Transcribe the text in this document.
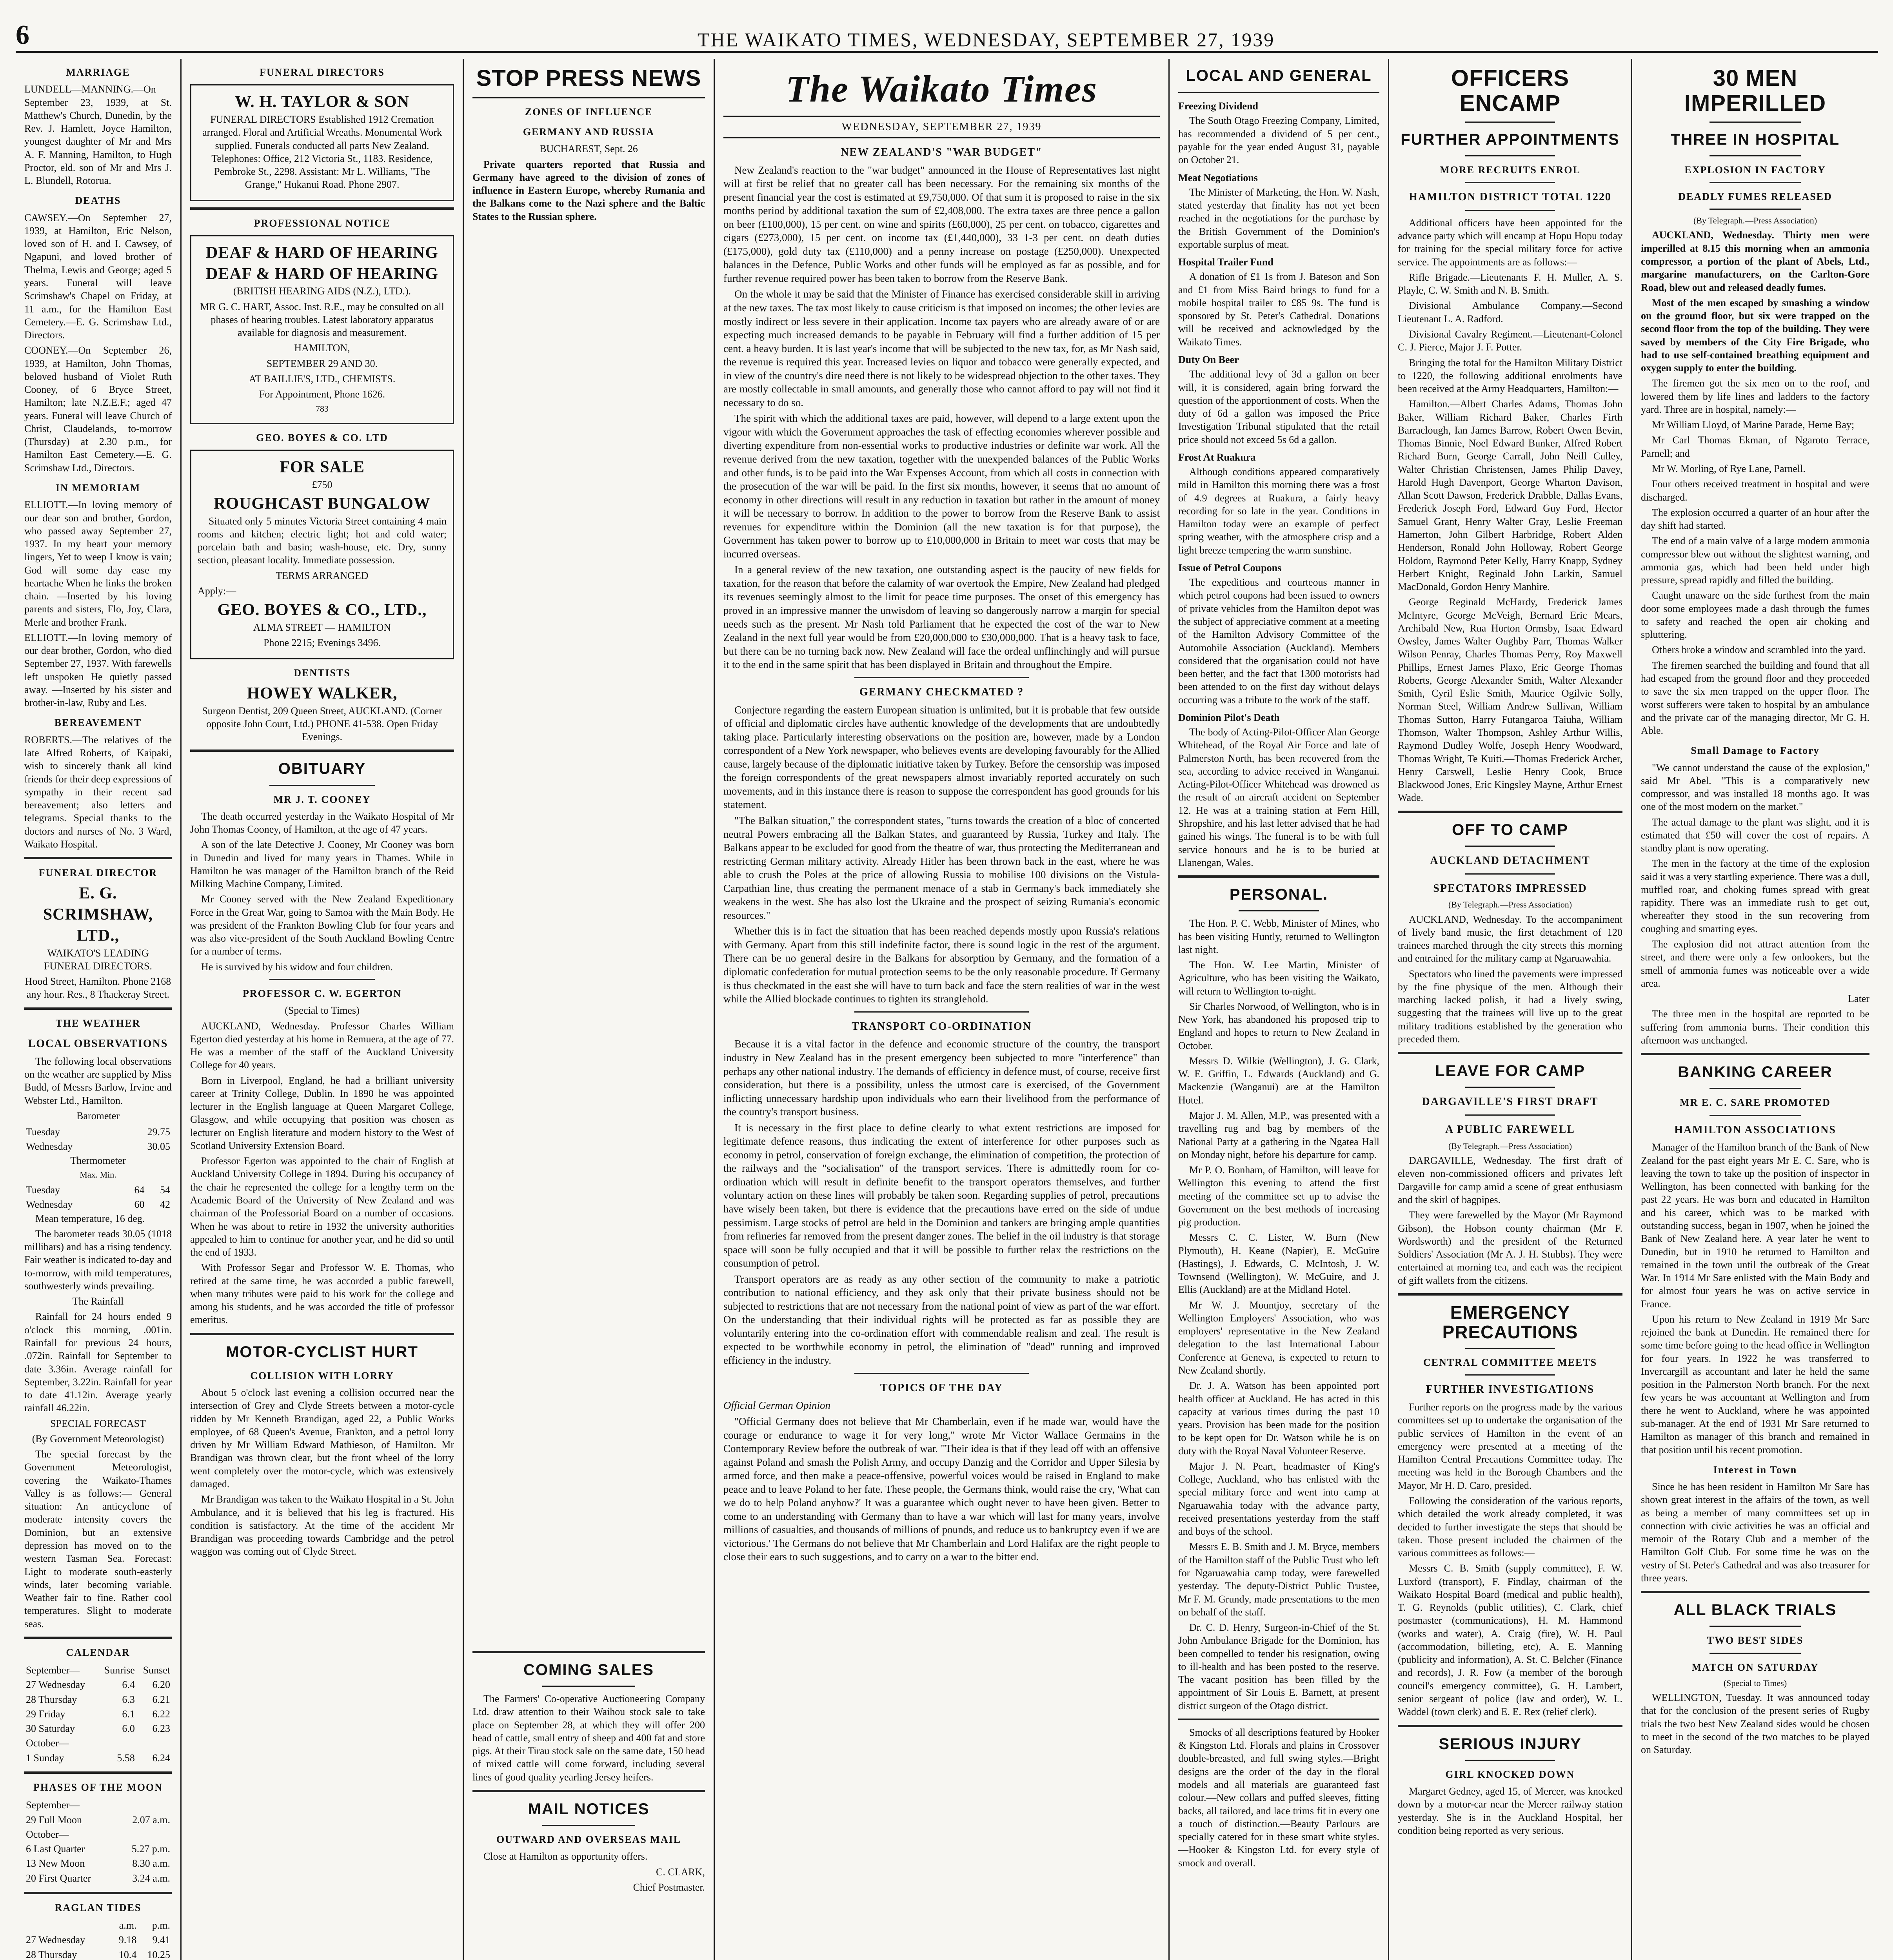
6	THE WAIKATO TIMES, WEDNESDAY, SEPTEMBER 27, 1939
MARRIAGE

LUNDELL—MANNING.—On September 23, 1939, at St. Matthew's Church, Dunedin, by the Rev. J. Hamlett, Joyce Hamilton, youngest daughter of Mr and Mrs A. F. Manning, Hamilton, to Hugh Proctor, eld. son of Mr and Mrs J. L. Blundell, Rotorua.

DEATHS

CAWSEY.—On September 27, 1939, at Hamilton, Eric Nelson, loved son of H. and I. Cawsey, of Ngapuni, and loved brother of Thelma, Lewis and George; aged 5 years. Funeral will leave Scrimshaw's Chapel on Friday, at 11 a.m., for the Hamilton East Cemetery.—E. G. Scrimshaw Ltd., Directors.

COONEY.—On September 26, 1939, at Hamilton, John Thomas, beloved husband of Violet Ruth Cooney, of 6 Bryce Street, Hamilton; late N.Z.E.F.; aged 47 years. Funeral will leave Church of Christ, Claudelands, to-morrow (Thursday) at 2.30 p.m., for Hamilton East Cemetery.—E. G. Scrimshaw Ltd., Directors.

IN MEMORIAM

ELLIOTT.—In loving memory of our dear son and brother, Gordon, who passed away September 27, 1937. In my heart your memory lingers, Yet to weep I know is vain; God will some day ease my heartache When he links the broken chain. —Inserted by his loving parents and sisters, Flo, Joy, Clara, Merle and brother Frank.

ELLIOTT.—In loving memory of our dear brother, Gordon, who died September 27, 1937. With farewells left unspoken He quietly passed away. —Inserted by his sister and brother-in-law, Ruby and Les.

BEREAVEMENT

ROBERTS.—The relatives of the late Alfred Roberts, of Kaipaki, wish to sincerely thank all kind friends for their deep expressions of sympathy in their recent sad bereavement; also letters and telegrams. Special thanks to the doctors and nurses of No. 3 Ward, Waikato Hospital.

FUNERAL DIRECTOR
E. G. SCRIMSHAW, LTD.,

WAIKATO'S LEADING FUNERAL DIRECTORS.

Hood Street, Hamilton. Phone 2168 any hour. Res., 8 Thackeray Street.

THE WEATHER
LOCAL OBSERVATIONS

The following local observations on the weather are supplied by Miss Budd, of Messrs Barlow, Irvine and Webster Ltd., Hamilton.

Barometer

Tuesday	29.75
Wednesday	30.05

Thermometer

Max. Min.

Tuesday	64	54
Wednesday	60	42

Mean temperature, 16 deg.

The barometer reads 30.05 (1018 millibars) and has a rising tendency. Fair weather is indicated to-day and to-morrow, with mild temperatures, southwesterly winds prevailing.

The Rainfall

Rainfall for 24 hours ended 9 o'clock this morning, .001in. Rainfall for previous 24 hours, .072in. Rainfall for September to date 3.36in. Average rainfall for September, 3.22in. Rainfall for year to date 41.12in. Average yearly rainfall 46.22in.

SPECIAL FORECAST

(By Government Meteorologist)

The special forecast by the Government Meteorologist, covering the Waikato-Thames Valley is as follows:— General situation: An anticyclone of moderate intensity covers the Dominion, but an extensive depression has moved on to the western Tasman Sea. Forecast: Light to moderate south-easterly winds, later becoming variable. Weather fair to fine. Rather cool temperatures. Slight to moderate seas.

CALENDAR
September—	Sunrise	Sunset
27 Wednesday	6.4	6.20
28 Thursday	6.3	6.21
29 Friday	6.1	6.22
30 Saturday	6.0	6.23
October—		
1 Sunday	5.58	6.24
PHASES OF THE MOON
September—	
29 Full Moon	2.07 a.m.
October—	
6 Last Quarter	5.27 p.m.
13 New Moon	8.30 a.m.
20 First Quarter	3.24 a.m.
RAGLAN TIDES
	a.m.	p.m.
27 Wednesday	9.18	9.41
28 Thursday	10.4	10.25

FUNERAL DIRECTORS
W. H. TAYLOR & SON

FUNERAL DIRECTORS Established 1912 Cremation arranged. Floral and Artificial Wreaths. Monumental Work supplied. Funerals conducted all parts New Zealand. Telephones: Office, 212 Victoria St., 1183. Residence, Pembroke St., 2298. Assistant: Mr L. Williams, "The Grange," Hukanui Road. Phone 2907.

PROFESSIONAL NOTICE
DEAF & HARD OF HEARING
DEAF & HARD OF HEARING

(BRITISH HEARING AIDS (N.Z.), LTD.).

MR G. C. HART, Assoc. Inst. R.E., may be consulted on all phases of hearing troubles. Latest laboratory apparatus available for diagnosis and measurement.

HAMILTON,

SEPTEMBER 29 AND 30.

AT BAILLIE'S, LTD., CHEMISTS.

For Appointment, Phone 1626.

783

GEO. BOYES & CO. LTD
FOR SALE

£750

ROUGHCAST BUNGALOW

Situated only 5 minutes Victoria Street containing 4 main rooms and kitchen; electric light; hot and cold water; porcelain bath and basin; wash-house, etc. Dry, sunny section, pleasant locality. Immediate possession.

TERMS ARRANGED

Apply:—

GEO. BOYES & CO., LTD.,

ALMA STREET — HAMILTON

Phone 2215; Evenings 3496.

DENTISTS
HOWEY WALKER,

Surgeon Dentist, 209 Queen Street, AUCKLAND. (Corner opposite John Court, Ltd.) PHONE 41-538. Open Friday Evenings.

OBITUARY
MR J. T. COONEY

The death occurred yesterday in the Waikato Hospital of Mr John Thomas Cooney, of Hamilton, at the age of 47 years.

A son of the late Detective J. Cooney, Mr Cooney was born in Dunedin and lived for many years in Thames. While in Hamilton he was manager of the Hamilton branch of the Reid Milking Machine Company, Limited.

Mr Cooney served with the New Zealand Expeditionary Force in the Great War, going to Samoa with the Main Body. He was president of the Frankton Bowling Club for four years and was also vice-president of the South Auckland Bowling Centre for a number of terms.

He is survived by his widow and four children.

PROFESSOR C. W. EGERTON

(Special to Times)

AUCKLAND, Wednesday. Professor Charles William Egerton died yesterday at his home in Remuera, at the age of 77. He was a member of the staff of the Auckland University College for 40 years.

Born in Liverpool, England, he had a brilliant university career at Trinity College, Dublin. In 1890 he was appointed lecturer in the English language at Queen Margaret College, Glasgow, and while occupying that position was chosen as lecturer on English literature and modern history to the West of Scotland University Extension Board.

Professor Egerton was appointed to the chair of English at Auckland University College in 1894. During his occupancy of the chair he represented the college for a lengthy term on the Academic Board of the University of New Zealand and was chairman of the Professorial Board on a number of occasions. When he was about to retire in 1932 the university authorities appealed to him to continue for another year, and he did so until the end of 1933.

With Professor Segar and Professor W. E. Thomas, who retired at the same time, he was accorded a public farewell, when many tributes were paid to his work for the college and among his students, and he was accorded the title of professor emeritus.

MOTOR-CYCLIST HURT
COLLISION WITH LORRY

About 5 o'clock last evening a collision occurred near the intersection of Grey and Clyde Streets between a motor-cycle ridden by Mr Kenneth Brandigan, aged 22, a Public Works employee, of 68 Queen's Avenue, Frankton, and a petrol lorry driven by Mr William Edward Mathieson, of Hamilton. Mr Brandigan was thrown clear, but the front wheel of the lorry went completely over the motor-cycle, which was extensively damaged.

Mr Brandigan was taken to the Waikato Hospital in a St. John Ambulance, and it is believed that his leg is fractured. His condition is satisfactory. At the time of the accident Mr Brandigan was proceeding towards Cambridge and the petrol waggon was coming out of Clyde Street.

STOP PRESS NEWS
ZONES OF INFLUENCE
GERMANY AND RUSSIA

BUCHAREST, Sept. 26

Private quarters reported that Russia and Germany have agreed to the division of zones of influence in Eastern Europe, whereby Rumania and the Balkans come to the Nazi sphere and the Baltic States to the Russian sphere.

COMING SALES

The Farmers' Co-operative Auctioneering Company Ltd. draw attention to their Waihou stock sale to take place on September 28, at which they will offer 200 head of cattle, small entry of sheep and 400 fat and store pigs. At their Tirau stock sale on the same date, 150 head of mixed cattle will come forward, including several lines of good quality yearling Jersey heifers.

MAIL NOTICES
OUTWARD AND OVERSEAS MAIL

Close at Hamilton as opportunity offers.

C. CLARK,

Chief Postmaster.

The Waikato Times
WEDNESDAY, SEPTEMBER 27, 1939
NEW ZEALAND'S "WAR BUDGET"

New Zealand's reaction to the "war budget" announced in the House of Representatives last night will at first be relief that no greater call has been necessary. For the remaining six months of the present financial year the cost is estimated at £9,750,000. Of that sum it is proposed to raise in the six months period by additional taxation the sum of £2,408,000. The extra taxes are three pence a gallon on beer (£100,000), 15 per cent. on wine and spirits (£60,000), 25 per cent. on tobacco, cigarettes and cigars (£273,000), 15 per cent. on income tax (£1,440,000), 33 1-3 per cent. on death duties (£175,000), gold duty tax (£110,000) and a penny increase on postage (£250,000). Unexpected balances in the Defence, Public Works and other funds will be employed as far as possible, and for further revenue required power has been taken to borrow from the Reserve Bank.

On the whole it may be said that the Minister of Finance has exercised considerable skill in arriving at the new taxes. The tax most likely to cause criticism is that imposed on incomes; the other levies are mostly indirect or less severe in their application. Income tax payers who are already aware of or are expecting much increased demands to be payable in February will find a further addition of 15 per cent. a heavy burden. It is last year's income that will be subjected to the new tax, for, as Mr Nash said, the revenue is required this year. Increased levies on liquor and tobacco were generally expected, and in view of the country's dire need there is not likely to be widespread objection to the other taxes. They are mostly collectable in small amounts, and generally those who cannot afford to pay will not find it necessary to do so.

The spirit with which the additional taxes are paid, however, will depend to a large extent upon the vigour with which the Government approaches the task of effecting economies wherever possible and diverting expenditure from non-essential works to productive industries or definite war work. All the revenue derived from the new taxation, together with the unexpended balances of the Public Works and other funds, is to be paid into the War Expenses Account, from which all costs in connection with the prosecution of the war will be paid. In the first six months, however, it seems that no amount of economy in other directions will result in any reduction in taxation but rather in the amount of money it will be necessary to borrow. In addition to the power to borrow from the Reserve Bank to assist revenues for expenditure within the Dominion (all the new taxation is for that purpose), the Government has taken power to borrow up to £10,000,000 in Britain to meet war costs that may be incurred overseas.

In a general review of the new taxation, one outstanding aspect is the paucity of new fields for taxation, for the reason that before the calamity of war overtook the Empire, New Zealand had pledged its revenues seemingly almost to the limit for peace time purposes. The onset of this emergency has proved in an impressive manner the unwisdom of leaving so dangerously narrow a margin for special needs such as the present. Mr Nash told Parliament that he expected the cost of the war to New Zealand in the next full year would be from £20,000,000 to £30,000,000. That is a heavy task to face, but there can be no turning back now. New Zealand will face the ordeal unflinchingly and will pursue it to the end in the same spirit that has been displayed in Britain and throughout the Empire.

GERMANY CHECKMATED ?

Conjecture regarding the eastern European situation is unlimited, but it is probable that few outside of official and diplomatic circles have authentic knowledge of the developments that are undoubtedly taking place. Particularly interesting observations on the position are, however, made by a London correspondent of a New York newspaper, who believes events are developing favourably for the Allied cause, largely because of the diplomatic initiative taken by Turkey. Before the censorship was imposed the foreign correspondents of the great newspapers almost invariably reported accurately on such movements, and in this instance there is reason to suppose the correspondent has good grounds for his statement.

"The Balkan situation," the correspondent states, "turns towards the creation of a bloc of concerted neutral Powers embracing all the Balkan States, and guaranteed by Russia, Turkey and Italy. The Balkans appear to be excluded for good from the theatre of war, thus protecting the Mediterranean and restricting German military activity. Already Hitler has been thrown back in the east, where he was able to crush the Poles at the price of allowing Russia to mobilise 100 divisions on the Vistula-Carpathian line, thus creating the permanent menace of a stab in Germany's back immediately she weakens in the west. She has also lost the Ukraine and the prospect of seizing Rumania's economic resources."

Whether this is in fact the situation that has been reached depends mostly upon Russia's relations with Germany. Apart from this still indefinite factor, there is sound logic in the rest of the argument. There can be no general desire in the Balkans for absorption by Germany, and the formation of a diplomatic confederation for mutual protection seems to be the only reasonable procedure. If Germany is thus checkmated in the east she will have to turn back and face the stern realities of war in the west while the Allied blockade continues to tighten its stranglehold.

TRANSPORT CO-ORDINATION

Because it is a vital factor in the defence and economic structure of the country, the transport industry in New Zealand has in the present emergency been subjected to more "interference" than perhaps any other national industry. The demands of efficiency in defence must, of course, receive first consideration, but there is a possibility, unless the utmost care is exercised, of the Government inflicting unnecessary hardship upon individuals who earn their livelihood from the performance of the country's transport business.

It is necessary in the first place to define clearly to what extent restrictions are imposed for legitimate defence reasons, thus indicating the extent of interference for other purposes such as economy in petrol, conservation of foreign exchange, the elimination of competition, the protection of the railways and the "socialisation" of the transport services. There is admittedly room for co-ordination which will result in definite benefit to the transport operators themselves, and further voluntary action on these lines will probably be taken soon. Regarding supplies of petrol, precautions have wisely been taken, but there is evidence that the precautions have erred on the side of undue pessimism. Large stocks of petrol are held in the Dominion and tankers are bringing ample quantities from refineries far removed from the present danger zones. The belief in the oil industry is that storage space will soon be fully occupied and that it will be possible to further relax the restrictions on the consumption of petrol.

Transport operators are as ready as any other section of the community to make a patriotic contribution to national efficiency, and they ask only that their private business should not be subjected to restrictions that are not necessary from the national point of view as part of the war effort. On the understanding that their individual rights will be protected as far as possible they are voluntarily entering into the co-ordination effort with commendable realism and zeal. The result is expected to be worthwhile economy in petrol, the elimination of "dead" running and improved efficiency in the industry.

TOPICS OF THE DAY

Official German Opinion

"Official Germany does not believe that Mr Chamberlain, even if he made war, would have the courage or endurance to wage it for very long," wrote Mr Victor Wallace Germains in the Contemporary Review before the outbreak of war. "Their idea is that if they lead off with an offensive against Poland and smash the Polish Army, and occupy Danzig and the Corridor and Upper Silesia by armed force, and then make a peace-offensive, powerful voices would be raised in England to make peace and to leave Poland to her fate. These people, the Germans think, would raise the cry, 'What can we do to help Poland anyhow?' It was a guarantee which ought never to have been given. Better to come to an understanding with Germany than to have a war which will last for many years, involve millions of casualties, and thousands of millions of pounds, and reduce us to bankruptcy even if we are victorious.' The Germans do not believe that Mr Chamberlain and Lord Halifax are the right people to close their ears to such suggestions, and to carry on a war to the bitter end.

LOCAL AND GENERAL
Freezing Dividend

The South Otago Freezing Company, Limited, has recommended a dividend of 5 per cent., payable for the year ended August 31, payable on October 21.

Meat Negotiations

The Minister of Marketing, the Hon. W. Nash, stated yesterday that finality has not yet been reached in the negotiations for the purchase by the British Government of the Dominion's exportable surplus of meat.

Hospital Trailer Fund

A donation of £1 1s from J. Bateson and Son and £1 from Miss Baird brings to fund for a mobile hospital trailer to £85 9s. The fund is sponsored by St. Peter's Cathedral. Donations will be received and acknowledged by the Waikato Times.

Duty On Beer

The additional levy of 3d a gallon on beer will, it is considered, again bring forward the question of the apportionment of costs. When the duty of 6d a gallon was imposed the Price Investigation Tribunal stipulated that the retail price should not exceed 5s 6d a gallon.

Frost At Ruakura

Although conditions appeared comparatively mild in Hamilton this morning there was a frost of 4.9 degrees at Ruakura, a fairly heavy recording for so late in the year. Conditions in Hamilton today were an example of perfect spring weather, with the atmosphere crisp and a light breeze tempering the warm sunshine.

Issue of Petrol Coupons

The expeditious and courteous manner in which petrol coupons had been issued to owners of private vehicles from the Hamilton depot was the subject of appreciative comment at a meeting of the Hamilton Advisory Committee of the Automobile Association (Auckland). Members considered that the organisation could not have been better, and the fact that 1300 motorists had been attended to on the first day without delays occurring was a tribute to the work of the staff.

Dominion Pilot's Death

The body of Acting-Pilot-Officer Alan George Whitehead, of the Royal Air Force and late of Palmerston North, has been recovered from the sea, according to advice received in Wanganui. Acting-Pilot-Officer Whitehead was drowned as the result of an aircraft accident on September 12. He was at a training station at Fern Hill, Shropshire, and his last letter advised that he had gained his wings. The funeral is to be with full service honours and he is to be buried at Llanengan, Wales.

PERSONAL.

The Hon. P. C. Webb, Minister of Mines, who has been visiting Huntly, returned to Wellington last night.

The Hon. W. Lee Martin, Minister of Agriculture, who has been visiting the Waikato, will return to Wellington to-night.

Sir Charles Norwood, of Wellington, who is in New York, has abandoned his proposed trip to England and hopes to return to New Zealand in October.

Messrs D. Wilkie (Wellington), J. G. Clark, W. E. Griffin, L. Edwards (Auckland) and G. Mackenzie (Wanganui) are at the Hamilton Hotel.

Major J. M. Allen, M.P., was presented with a travelling rug and bag by members of the National Party at a gathering in the Ngatea Hall on Monday night, before his departure for camp.

Mr P. O. Bonham, of Hamilton, will leave for Wellington this evening to attend the first meeting of the committee set up to advise the Government on the best methods of increasing pig production.

Messrs C. C. Lister, W. Burn (New Plymouth), H. Keane (Napier), E. McGuire (Hastings), J. Edwards, C. McIntosh, J. W. Townsend (Wellington), W. McGuire, and J. Ellis (Auckland) are at the Midland Hotel.

Mr W. J. Mountjoy, secretary of the Wellington Employers' Association, who was employers' representative in the New Zealand delegation to the last International Labour Conference at Geneva, is expected to return to New Zealand shortly.

Dr. J. A. Watson has been appointed port health officer at Auckland. He has acted in this capacity at various times during the past 10 years. Provision has been made for the position to be kept open for Dr. Watson while he is on duty with the Royal Naval Volunteer Reserve.

Major J. N. Peart, headmaster of King's College, Auckland, who has enlisted with the special military force and went into camp at Ngaruawahia today with the advance party, received presentations yesterday from the staff and boys of the school.

Messrs E. B. Smith and J. M. Bryce, members of the Hamilton staff of the Public Trust who left for Ngaruawahia camp today, were farewelled yesterday. The deputy-District Public Trustee, Mr F. M. Grundy, made presentations to the men on behalf of the staff.

Dr. C. D. Henry, Surgeon-in-Chief of the St. John Ambulance Brigade for the Dominion, has been compelled to tender his resignation, owing to ill-health and has been posted to the reserve. The vacant position has been filled by the appointment of Sir Louis E. Barnett, at present district surgeon of the Otago district.

Smocks of all descriptions featured by Hooker & Kingston Ltd. Florals and plains in Crossover double-breasted, and full swing styles.—Bright designs are the order of the day in the floral models and all materials are guaranteed fast colour.—New collars and puffed sleeves, fitting backs, all tailored, and lace trims fit in every one a touch of distinction.—Beauty Parlours are specially catered for in these smart white styles.—Hooker & Kingston Ltd. for every style of smock and overall.

OFFICERS ENCAMP
FURTHER APPOINTMENTS
MORE RECRUITS ENROL
HAMILTON DISTRICT TOTAL 1220

Additional officers have been appointed for the advance party which will encamp at Hopu Hopu today for training for the special military force for active service. The appointments are as follows:—

Rifle Brigade.—Lieutenants F. H. Muller, A. S. Playle, C. W. Smith and N. B. Smith.

Divisional Ambulance Company.—Second Lieutenant L. A. Radford.

Divisional Cavalry Regiment.—Lieutenant-Colonel C. J. Pierce, Major J. F. Potter.

Bringing the total for the Hamilton Military District to 1220, the following additional enrolments have been received at the Army Headquarters, Hamilton:—

Hamilton.—Albert Charles Adams, Thomas John Baker, William Richard Baker, Charles Firth Barraclough, Ian James Barrow, Robert Owen Bevin, Thomas Binnie, Noel Edward Bunker, Alfred Robert Richard Burn, George Carrall, John Neill Culley, Walter Christian Christensen, James Philip Davey, Harold Hugh Davenport, George Wharton Davison, Allan Scott Dawson, Frederick Drabble, Dallas Evans, Frederick Joseph Ford, Edward Guy Ford, Hector Samuel Grant, Henry Walter Gray, Leslie Freeman Hamerton, John Gilbert Harbridge, Robert Alden Henderson, Ronald John Holloway, Robert George Holdom, Raymond Peter Kelly, Harry Knapp, Sydney Herbert Knight, Reginald John Larkin, Samuel MacDonald, Gordon Henry Manhire.

George Reginald McHardy, Frederick James McIntyre, George McVeigh, Bernard Eric Mears, Archibald New, Rua Horton Ormsby, Isaac Edward Owsley, James Walter Oughby Parr, Thomas Walker Wilson Penray, Charles Thomas Perry, Roy Maxwell Phillips, Ernest James Plaxo, Eric George Thomas Roberts, George Alexander Smith, Walter Alexander Smith, Cyril Eslie Smith, Maurice Ogilvie Solly, Norman Steel, William Andrew Sullivan, William Thomas Sutton, Harry Futangaroa Taiuha, William Thomson, Walter Thompson, Ashley Arthur Willis, Raymond Dudley Wolfe, Joseph Henry Woodward, Thomas Wright, Te Kuiti.—Thomas Frederick Archer, Henry Carswell, Leslie Henry Cook, Bruce Blackwood Jones, Eric Kingsley Mayne, Arthur Ernest Wade.

OFF TO CAMP
AUCKLAND DETACHMENT
SPECTATORS IMPRESSED

(By Telegraph.—Press Association)

AUCKLAND, Wednesday. To the accompaniment of lively band music, the first detachment of 120 trainees marched through the city streets this morning and entrained for the military camp at Ngaruawahia.

Spectators who lined the pavements were impressed by the fine physique of the men. Although their marching lacked polish, it had a lively swing, suggesting that the trainees will live up to the great military traditions established by the generation who preceded them.

LEAVE FOR CAMP
DARGAVILLE'S FIRST DRAFT
A PUBLIC FAREWELL

(By Telegraph.—Press Association)

DARGAVILLE, Wednesday. The first draft of eleven non-commissioned officers and privates left Dargaville for camp amid a scene of great enthusiasm and the skirl of bagpipes.

They were farewelled by the Mayor (Mr Raymond Gibson), the Hobson county chairman (Mr F. Wordsworth) and the president of the Returned Soldiers' Association (Mr A. J. H. Stubbs). They were entertained at morning tea, and each was the recipient of gift wallets from the citizens.

EMERGENCY PRECAUTIONS
CENTRAL COMMITTEE MEETS
FURTHER INVESTIGATIONS

Further reports on the progress made by the various committees set up to undertake the organisation of the public services of Hamilton in the event of an emergency were presented at a meeting of the Hamilton Central Precautions Committee today. The meeting was held in the Borough Chambers and the Mayor, Mr H. D. Caro, presided.

Following the consideration of the various reports, which detailed the work already completed, it was decided to further investigate the steps that should be taken. Those present included the chairmen of the various committees as follows:—

Messrs C. B. Smith (supply committee), F. W. Luxford (transport), F. Findlay, chairman of the Waikato Hospital Board (medical and public health), T. G. Reynolds (public utilities), C. Clark, chief postmaster (communications), H. M. Hammond (works and water), A. Craig (fire), W. H. Paul (accommodation, billeting, etc), A. E. Manning (publicity and information), A. St. C. Belcher (Finance and records), J. R. Fow (a member of the borough council's emergency committee), G. H. Lambert, senior sergeant of police (law and order), W. L. Waddel (town clerk) and E. E. Rex (relief clerk).

SERIOUS INJURY
GIRL KNOCKED DOWN

Margaret Gedney, aged 15, of Mercer, was knocked down by a motor-car near the Mercer railway station yesterday. She is in the Auckland Hospital, her condition being reported as very serious.

30 MEN IMPERILLED
THREE IN HOSPITAL
EXPLOSION IN FACTORY
DEADLY FUMES RELEASED

(By Telegraph.—Press Association)

AUCKLAND, Wednesday. Thirty men were imperilled at 8.15 this morning when an ammonia compressor, a portion of the plant of Abels, Ltd., margarine manufacturers, on the Carlton-Gore Road, blew out and released deadly fumes.

Most of the men escaped by smashing a window on the ground floor, but six were trapped on the second floor from the top of the building. They were saved by members of the City Fire Brigade, who had to use self-contained breathing equipment and oxygen supply to enter the building.

The firemen got the six men on to the roof, and lowered them by life lines and ladders to the factory yard. Three are in hospital, namely:—

Mr William Lloyd, of Marine Parade, Herne Bay;

Mr Carl Thomas Ekman, of Ngaroto Terrace, Parnell; and

Mr W. Morling, of Rye Lane, Parnell.

Four others received treatment in hospital and were discharged.

The explosion occurred a quarter of an hour after the day shift had started.

The end of a main valve of a large modern ammonia compressor blew out without the slightest warning, and ammonia gas, which had been held under high pressure, spread rapidly and filled the building.

Caught unaware on the side furthest from the main door some employees made a dash through the fumes to safety and reached the open air choking and spluttering.

Others broke a window and scrambled into the yard.

The firemen searched the building and found that all had escaped from the ground floor and they proceeded to save the six men trapped on the upper floor. The worst sufferers were taken to hospital by an ambulance and the private car of the managing director, Mr G. H. Able.

Small Damage to Factory

"We cannot understand the cause of the explosion," said Mr Abel. "This is a comparatively new compressor, and was installed 18 months ago. It was one of the most modern on the market."

The actual damage to the plant was slight, and it is estimated that £50 will cover the cost of repairs. A standby plant is now operating.

The men in the factory at the time of the explosion said it was a very startling experience. There was a dull, muffled roar, and choking fumes spread with great rapidity. There was an immediate rush to get out, whereafter they stood in the sun recovering from coughing and smarting eyes.

The explosion did not attract attention from the street, and there were only a few onlookers, but the smell of ammonia fumes was noticeable over a wide area.

Later

The three men in the hospital are reported to be suffering from ammonia burns. Their condition this afternoon was unchanged.

BANKING CAREER
MR E. C. SARE PROMOTED
HAMILTON ASSOCIATIONS

Manager of the Hamilton branch of the Bank of New Zealand for the past eight years Mr E. C. Sare, who is leaving the town to take up the position of inspector in Wellington, has been connected with banking for the past 22 years. He was born and educated in Hamilton and his career, which was to be marked with outstanding success, began in 1907, when he joined the Bank of New Zealand here. A year later he went to Dunedin, but in 1910 he returned to Hamilton and remained in the town until the outbreak of the Great War. In 1914 Mr Sare enlisted with the Main Body and for almost four years he was on active service in France.

Upon his return to New Zealand in 1919 Mr Sare rejoined the bank at Dunedin. He remained there for some time before going to the head office in Wellington for four years. In 1922 he was transferred to Invercargill as accountant and later he held the same position in the Palmerston North branch. For the next few years he was accountant at Wellington and from there he went to Auckland, where he was appointed sub-manager. At the end of 1931 Mr Sare returned to Hamilton as manager of this branch and remained in that position until his recent promotion.

Interest in Town

Since he has been resident in Hamilton Mr Sare has shown great interest in the affairs of the town, as well as being a member of many committees set up in connection with civic activities he was an official and memoir of the Rotary Club and a member of the Hamilton Golf Club. For some time he was on the vestry of St. Peter's Cathedral and was also treasurer for three years.

ALL BLACK TRIALS
TWO BEST SIDES
MATCH ON SATURDAY

(Special to Times)

WELLINGTON, Tuesday. It was announced today that for the conclusion of the present series of Rugby trials the two best New Zealand sides would be chosen to meet in the second of the two matches to be played on Saturday.
